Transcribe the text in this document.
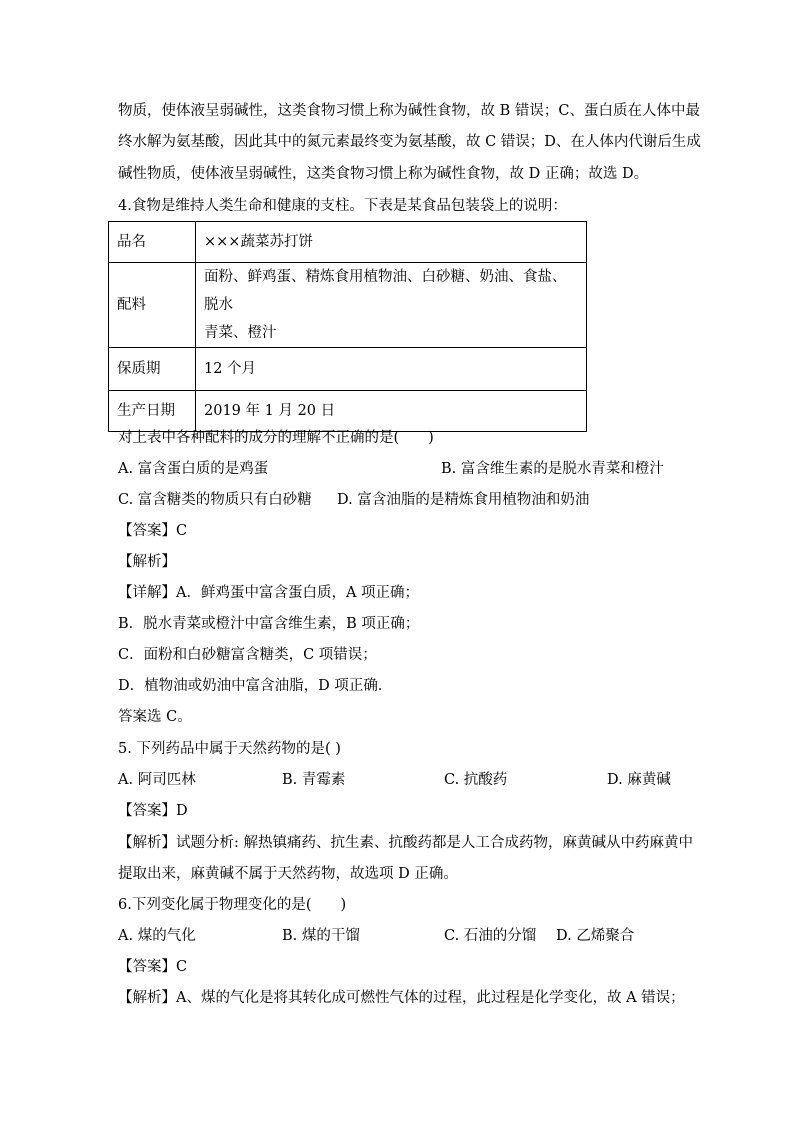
物质，使体液呈弱碱性，这类食物习惯上称为碱性食物，故 B 错误；C、蛋白质在人体中最
终水解为氨基酸，因此其中的氮元素最终变为氨基酸，故 C 错误；D、在人体内代谢后生成
碱性物质，使体液呈弱碱性，这类食物习惯上称为碱性食物，故 D 正确；故选 D。
4.食物是维持人类生命和健康的支柱。下表是某食品包装袋上的说明：
品名	×××蔬菜苏打饼
配料	面粉、鲜鸡蛋、精炼食用植物油、白砂糖、奶油、食盐、脱水
青菜、橙汁

保质期	12 个月
生产日期	2019 年 1 月 20 日
对上表中各种配料的成分的理解不正确的是(　　)
A. 富含蛋白质的是鸡蛋	B. 富含维生素的是脱水青菜和橙汁
C. 富含糖类的物质只有白砂糖 D. 富含油脂的是精炼食用植物油和奶油
【答案】C
【解析】
【详解】A．鲜鸡蛋中富含蛋白质，A 项正确；
B．脱水青菜或橙汁中富含维生素，B 项正确；
C．面粉和白砂糖富含糖类，C 项错误；
D．植物油或奶油中富含油脂，D 项正确．
答案选 C。
5. 下列药品中属于天然药物的是( )
A. 阿司匹林	B. 青霉素	C. 抗酸药	D. 麻黄碱
【答案】D
【解析】试题分析: 解热镇痛药、抗生素、抗酸药都是人工合成药物，麻黄碱从中药麻黄中
提取出来，麻黄碱不属于天然药物，故选项 D 正确。
6.下列变化属于物理变化的是(　　)
A. 煤的气化	B. 煤的干馏	C. 石油的分馏 D. 乙烯聚合
【答案】C
【解析】A、煤的气化是将其转化成可燃性气体的过程，此过程是化学变化，故 A 错误；
